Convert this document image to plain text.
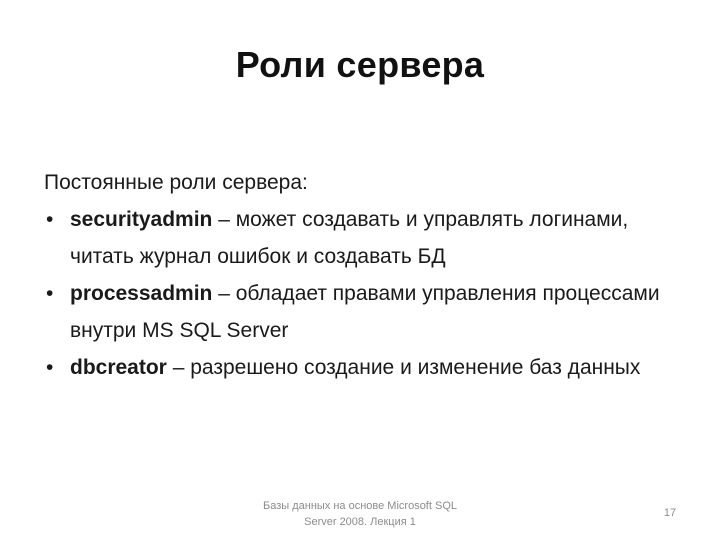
Роли сервера
Постоянные роли сервера:
• securityadmin – может создавать и управлять логинами, читать журнал ошибок и создавать БД
• processadmin – обладает правами управления процессами внутри MS SQL Server
• dbcreator – разрешено создание и изменение баз данных
Базы данных на основе Microsoft SQL Server 2008. Лекция 1
17
